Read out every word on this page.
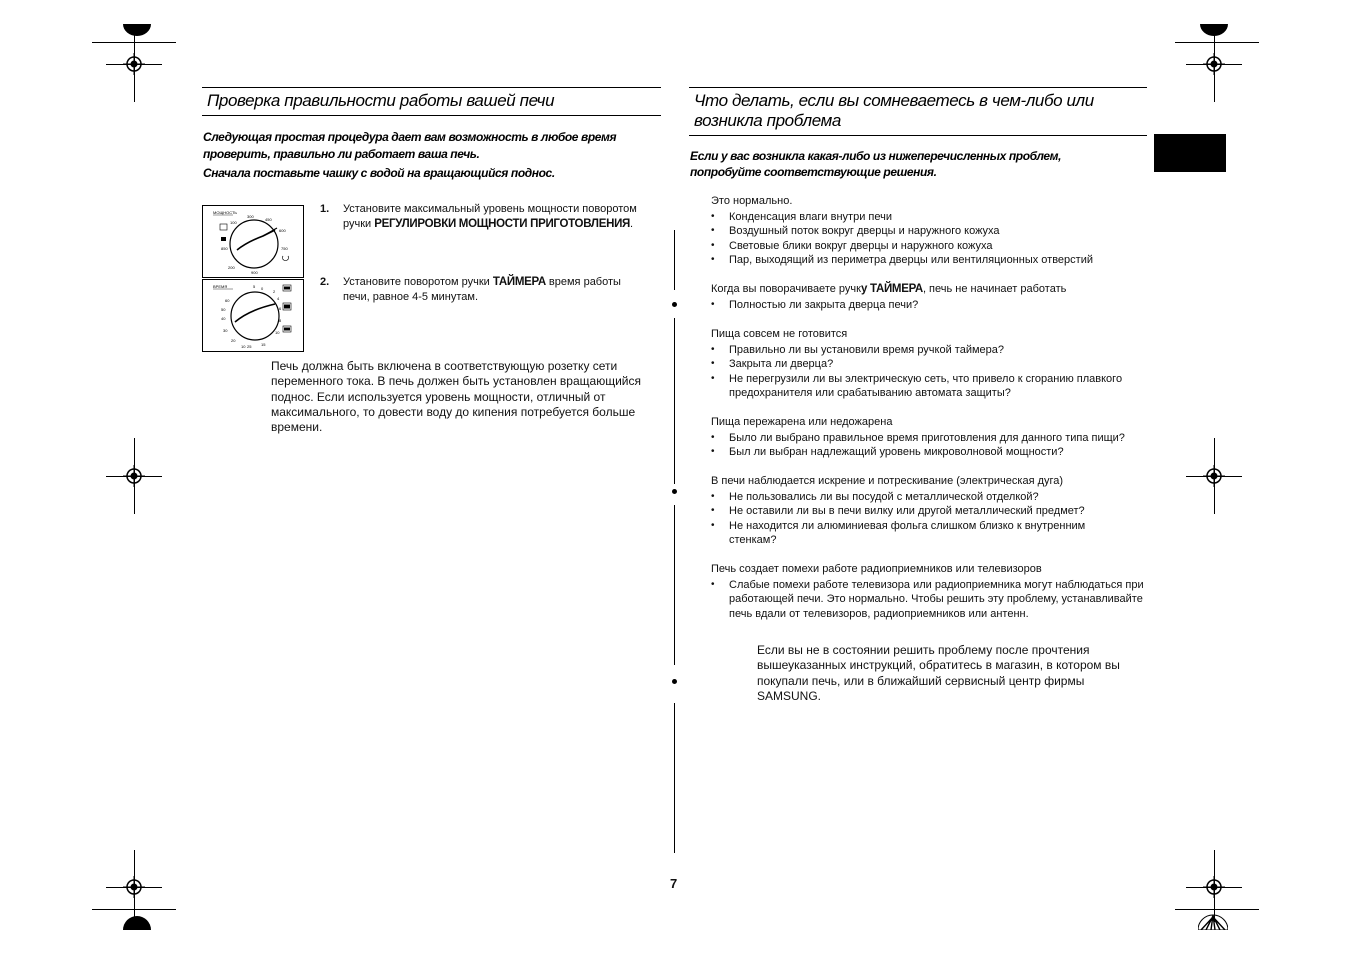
Проверка правильности работы вашей печи
Следующая простая процедура дает вам возможность в любое время
проверить, правильно ли работает ваша печь.
Сначала поставьте чашку с водой на вращающийся поднос.
МОЩНОСТЬ
100
300
450
600
750
900
200
850
ВРЕМЯ
60
50
40
30
20
10
5 0
2
4
6
8
10
15
25
1. Установите максимальный уровень мощности поворотом
ручки РЕГУЛИРОВКИ МОЩНОСТИ ПРИГОТОВЛЕНИЯ.
2. Установите поворотом ручки ТАЙМЕРА время работы
печи, равное 4-5 минутам.
Печь должна быть включена в соответствующую розетку сети
переменного тока. В печь должен быть установлен вращающийся
поднос. Если используется уровень мощности, отличный от
максимального, то довести воду до кипения потребуется больше
времени.
Что делать, если вы сомневаетесь в чем-либо или
возникла проблема
Если у вас возникла какая-либо из нижеперечисленных проблем,
попробуйте соответствующие решения.
Это нормально.
• Конденсация влаги внутри печи
• Воздушный поток вокруг дверцы и наружного кожуха
• Световые блики вокруг дверцы и наружного кожуха
• Пар, выходящий из периметра дверцы или вентиляционных отверстий
Когда вы поворачиваете ручку ТАЙМЕРА, печь не начинает работать
• Полностью ли закрыта дверца печи?
Пища совсем не готовится
• Правильно ли вы установили время ручкой таймера?
• Закрыта ли дверца?
• Не перегрузили ли вы электрическую сеть, что привело к сгоранию плавкого предохранителя или срабатыванию автомата защиты?
Пища пережарена или недожарена
• Было ли выбрано правильное время приготовления для данного типа пищи?
• Был ли выбран надлежащий уровень микроволновой мощности?
В печи наблюдается искрение и потрескивание (электрическая дуга)
• Не пользовались ли вы посудой с металлической отделкой?
• Не оставили ли вы в печи вилку или другой металлический предмет?
• Не находится ли алюминиевая фольга слишком близко к внутренним стенкам?
Печь создает помехи работе радиоприемников или телевизоров
• Слабые помехи работе телевизора или радиоприемника могут наблюдаться при работающей печи. Это нормально. Чтобы решить эту проблему, устанавливайте печь вдали от телевизоров, радиоприемников или антенн.
Если вы не в состоянии решить проблему после прочтения
вышеуказанных инструкций, обратитесь в магазин, в котором вы
покупали печь, или в ближайший сервисный центр фирмы
SAMSUNG.
7
